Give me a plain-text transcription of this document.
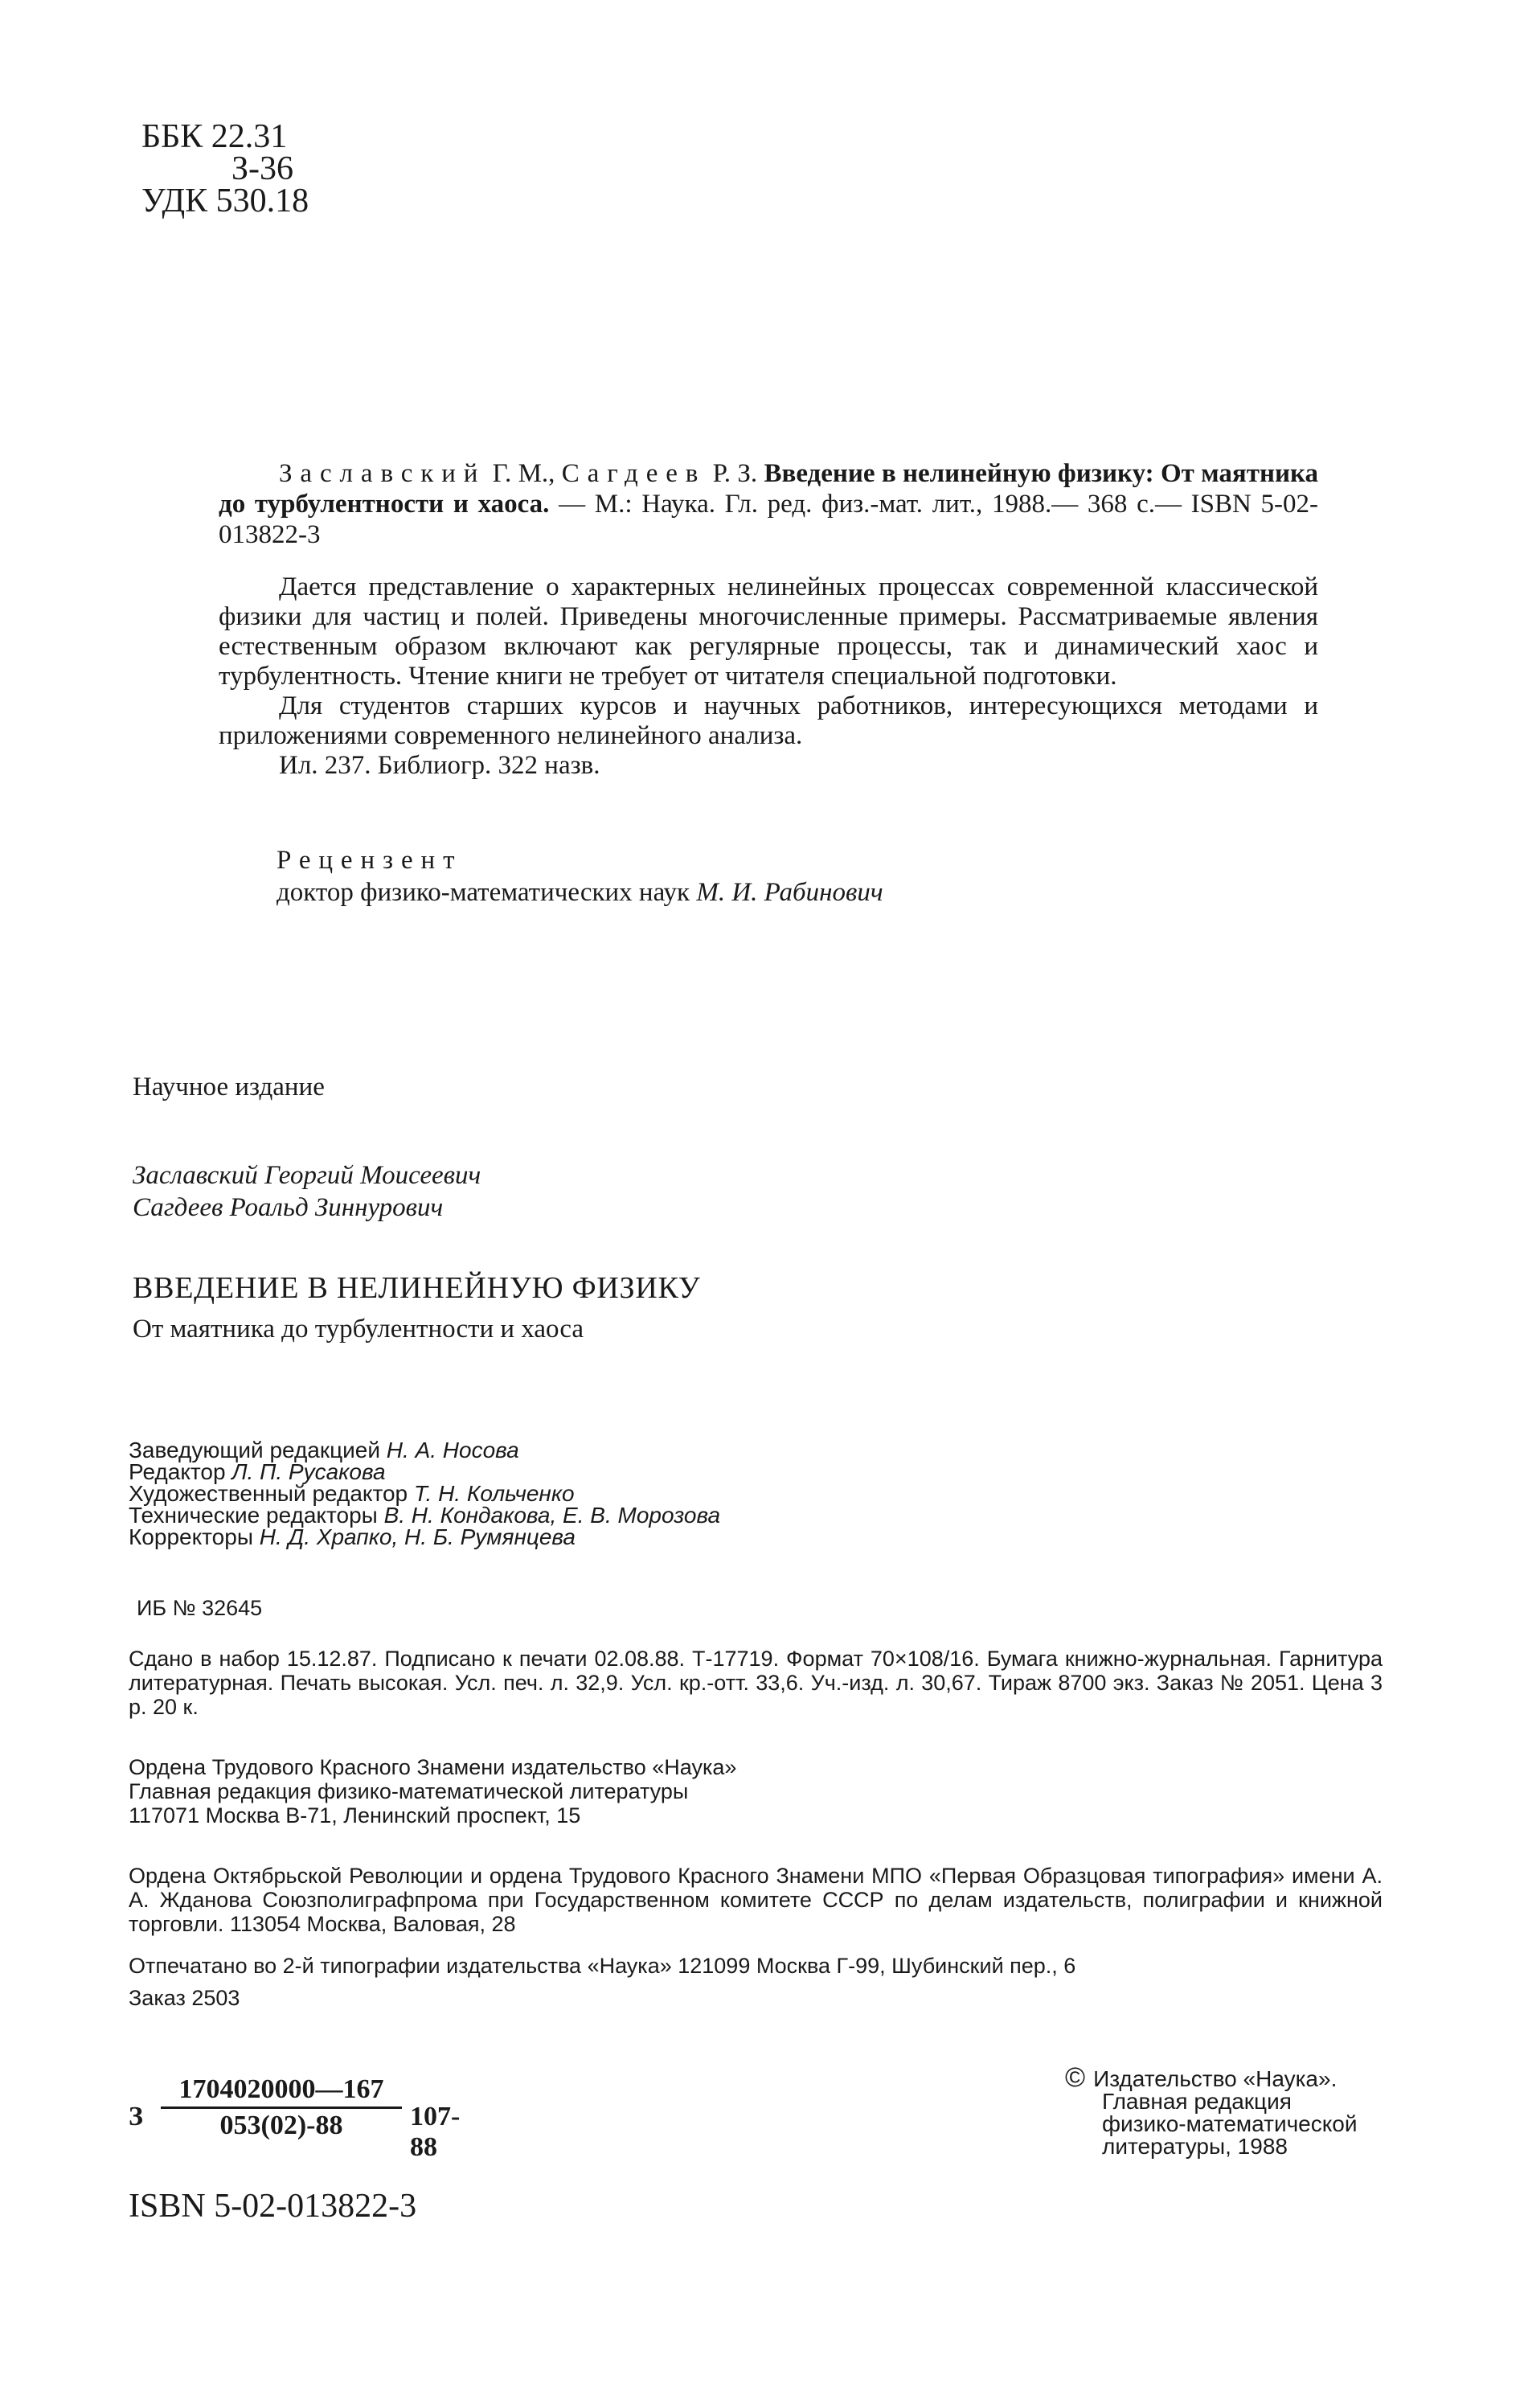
ББК 22.31
З-36
УДК 530.18
Заславский Г. М., Сагдеев Р. З. Введение в нелинейную физику: От маятника до турбулентности и хаоса. — М.: Наука. Гл. ред. физ.-мат. лит., 1988.— 368 с.— ISBN 5-02-013822-3

Дается представление о характерных нелинейных процессах современной классической физики для частиц и полей. Приведены многочисленные примеры. Рассматриваемые явления естественным образом включают как регулярные процессы, так и динамический хаос и турбулентность. Чтение книги не требует от читателя специальной подготовки.

Для студентов старших курсов и научных работников, интересующихся методами и приложениями современного нелинейного анализа.

Ил. 237. Библиогр. 322 назв.

Рецензент
доктор физико-математических наук М. И. Рабинович
Научное издание
Заславский Георгий Моисеевич
Сагдеев Роальд Зиннурович
ВВЕДЕНИЕ В НЕЛИНЕЙНУЮ ФИЗИКУ
От маятника до турбулентности и хаоса
Заведующий редакцией Н. А. Носова
Редактор Л. П. Русакова
Художественный редактор Т. Н. Кольченко
Технические редакторы В. Н. Кондакова, Е. В. Морозова
Корректоры Н. Д. Храпко, Н. Б. Румянцева
ИБ № 32645
Сдано в набор 15.12.87. Подписано к печати 02.08.88. Т-17719. Формат 70×108/16. Бумага книжно-журнальная. Гарнитура литературная. Печать высокая. Усл. печ. л. 32,9. Усл. кр.-отт. 33,6. Уч.-изд. л. 30,67. Тираж 8700 экз. Заказ № 2051. Цена 3 р. 20 к.
Ордена Трудового Красного Знамени издательство «Наука»
Главная редакция физико-математической литературы
117071 Москва В-71, Ленинский проспект, 15
Ордена Октябрьской Революции и ордена Трудового Красного Знамени МПО «Первая Образцовая типография» имени А. А. Жданова Союзполиграфпрома при Государственном комитете СССР по делам издательств, полиграфии и книжной торговли. 113054 Москва, Валовая, 28
Отпечатано во 2-й типографии издательства «Наука» 121099 Москва Г-99, Шубинский пер., 6
Заказ 2503
З
1704020000—167
053(02)-88	107-88
© Издательство «Наука».
Главная редакция
физико-математической
литературы, 1988
ISBN 5-02-013822-3
